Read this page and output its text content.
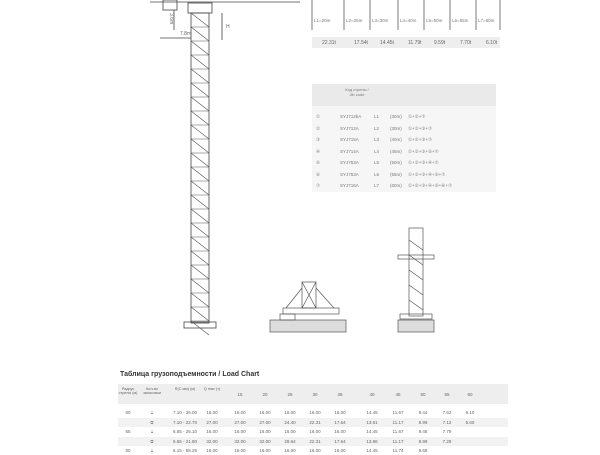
3.6m
7.8m
H
L1=20m
22.31t
L2=25m
17.54t
L3=30m
14.45t
L4=40m
11.79t
L5=50m
9.59t
L6=55m
7.70t
L7=60m
6.10t
Код стрелы / Jib code
①	SYJ712bA	L1 (30m) ①+②+⑦
②	SYJ712A	L2 (30m) ①+②+③+⑦
③	SYJ715A	L3 (40m) ①+②+③+⑦
④	SYJ714A	L4 (45m) ①+②+③+⑤+⑦
⑤	SYJ753A	L5 (50m) ①+②+③+④+⑦
⑥	SYJ753A	L6 (55m) ①+②+③+④+⑤+⑦
⑦	SYJ716A	L7 (60m) ①+②+③+④+⑤+⑥+⑦
Таблица грузоподъемности / Load Chart
Радиус стрелы (м)
Кол-во запасовки
R(С мм) (м)	Q max (т)
15	20	25	30	35	40	45	50	55	60
60	⇣	7.10 - 36.00	16.00	16.00	16.00	16.00	16.00	16.00	14.45	11.67	9.44	7.62	6.10
⩌	7.10 - 22.70	27.00	27.00	27.00	24.40	22.31	17.64	13.61	11.17	8.99	7.12	5.60
55	⇣	6.65 - 26.10	16.00	16.00	16.00	16.00	16.00	16.00	14.45	11.67	9.48	7.79
⩌	6.65 - 21.80	32.00	32.00	32.00	28.64	22.31	17.64	13.86	11.17	8.99	7.29
50	⇣	6.15 - 58.25	16.00	16.00	16.00	16.00	16.00	16.00	14.45	11.74	9.68
